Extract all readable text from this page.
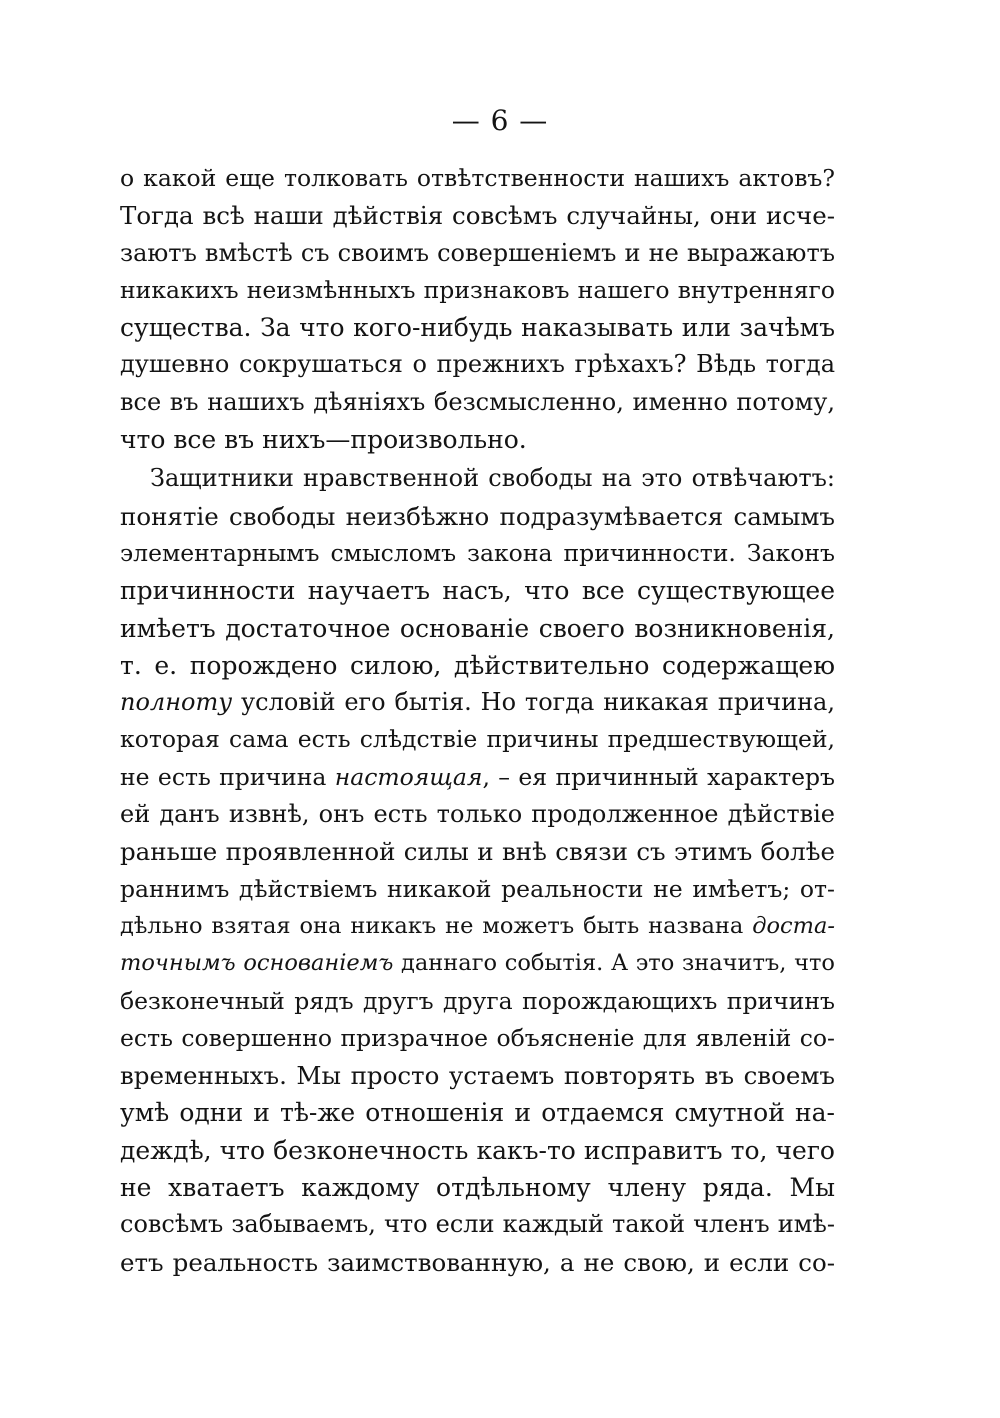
— 6 —
о какой еще толковать отвѣтственности нашихъ актовъ?
Тогда всѣ наши дѣйствія совсѣмъ случайны, они исче-
заютъ вмѣстѣ съ своимъ совершеніемъ и не выражаютъ
никакихъ неизмѣнныхъ признаковъ нашего внутренняго
существа. За что кого-нибудь наказывать или зачѣмъ
душевно сокрушаться о прежнихъ грѣхахъ? Вѣдь тогда
все въ нашихъ дѣяніяхъ безсмысленно, именно потому,
что все въ нихъ—произвольно.
Защитники нравственной свободы на это отвѣчаютъ:
понятіе свободы неизбѣжно подразумѣвается самымъ
элементарнымъ смысломъ закона причинности. Законъ
причинности научаетъ насъ, что все существующее
имѣетъ достаточное основаніе своего возникновенія,
т. е. порождено силою, дѣйствительно содержащею
полноту условій его бытія. Но тогда никакая причина,
которая сама есть слѣдствіе причины предшествующей,
не есть причина настоящая, – ея причинный характеръ
ей данъ извнѣ, онъ есть только продолженное дѣйствіе
раньше проявленной силы и внѣ связи съ этимъ болѣе
раннимъ дѣйствіемъ никакой реальности не имѣетъ; от-
дѣльно взятая она никакъ не можетъ быть названа доста-
точнымъ основаніемъ даннаго событія. А это значитъ, что
безконечный рядъ другъ друга порождающихъ причинъ
есть совершенно призрачное объясненіе для явленій со-
временныхъ. Мы просто устаемъ повторять въ своемъ
умѣ одни и тѣ-же отношенія и отдаемся смутной на-
деждѣ, что безконечность какъ-то исправитъ то, чего
не хватаетъ каждому отдѣльному члену ряда. Мы
совсѣмъ забываемъ, что если каждый такой членъ имѣ-
етъ реальность заимствованную, а не свою, и если со-
